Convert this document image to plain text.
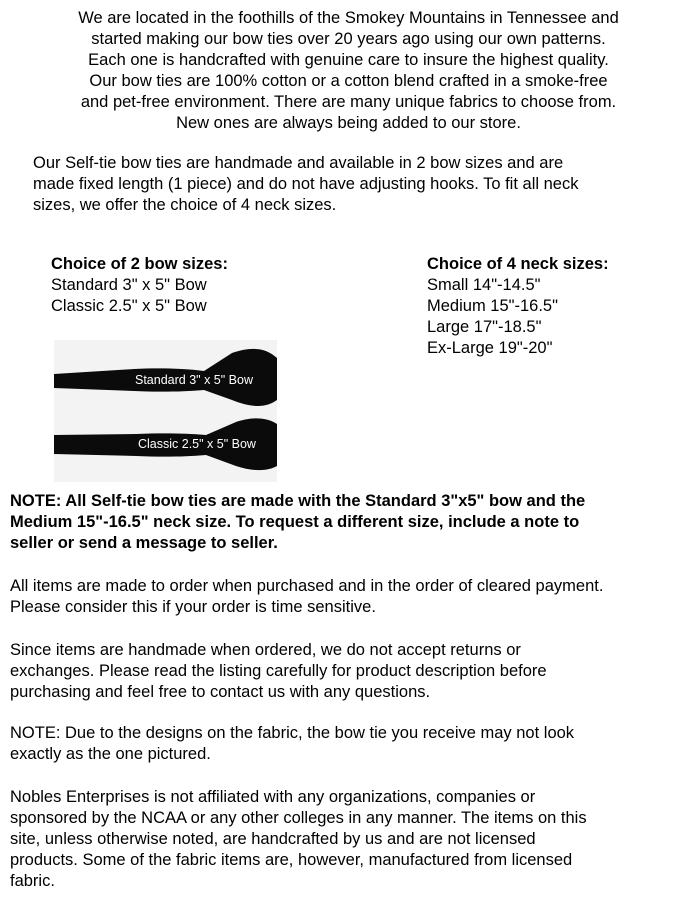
We are located in the foothills of the Smokey Mountains in Tennessee and
started making our bow ties over 20 years ago using our own patterns.
Each one is handcrafted with genuine care to insure the highest quality.
Our bow ties are 100% cotton or a cotton blend crafted in a smoke-free
and pet-free environment. There are many unique fabrics to choose from.
New ones are always being added to our store.
Our Self-tie bow ties are handmade and available in 2 bow sizes and are
made fixed length (1 piece) and do not have adjusting hooks. To fit all neck
sizes, we offer the choice of 4 neck sizes.
Choice of 2 bow sizes:
Standard 3" x 5" Bow
Classic 2.5" x 5" Bow
Choice of 4 neck sizes:
Small 14"-14.5"
Medium 15"-16.5"
Large 17"-18.5"
Ex-Large 19"-20"
Standard 3" x 5" Bow
Classic 2.5" x 5" Bow
NOTE: All Self-tie bow ties are made with the Standard 3"x5" bow and the
Medium 15"-16.5" neck size. To request a different size, include a note to
seller or send a message to seller.
All items are made to order when purchased and in the order of cleared payment.
Please consider this if your order is time sensitive.
Since items are handmade when ordered, we do not accept returns or
exchanges. Please read the listing carefully for product description before
purchasing and feel free to contact us with any questions.
NOTE: Due to the designs on the fabric, the bow tie you receive may not look
exactly as the one pictured.
Nobles Enterprises is not affiliated with any organizations, companies or
sponsored by the NCAA or any other colleges in any manner. The items on this
site, unless otherwise noted, are handcrafted by us and are not licensed
products. Some of the fabric items are, however, manufactured from licensed
fabric.
